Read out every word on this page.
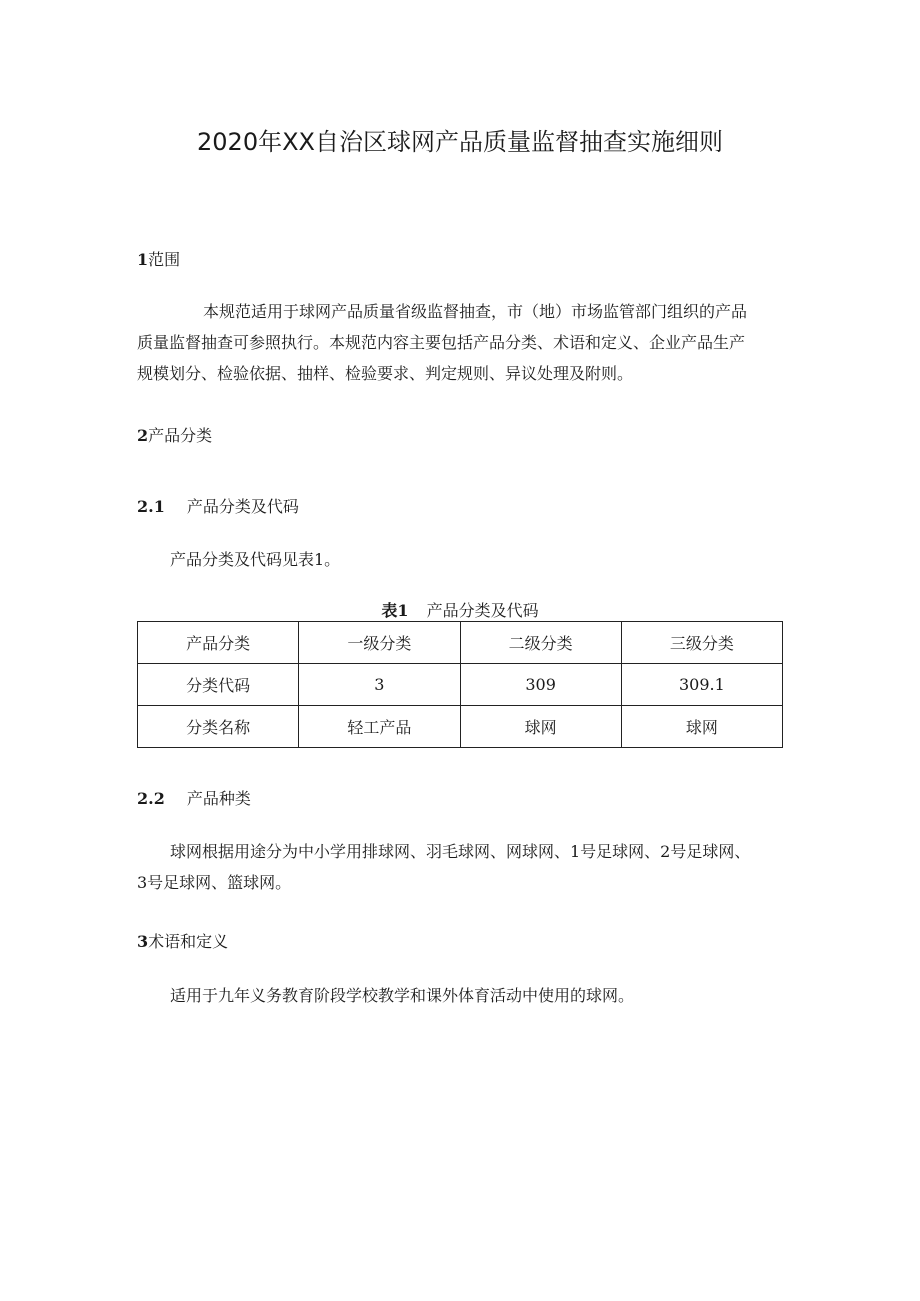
2020年XX自治区球网产品质量监督抽查实施细则
1范围
本规范适用于球网产品质量省级监督抽查，市（地）市场监管部门组织的产品
质量监督抽查可参照执行。本规范内容主要包括产品分类、术语和定义、企业产品生产
规模划分、检验依据、抽样、检验要求、判定规则、异议处理及附则。
2产品分类
2.1 产品分类及代码
产品分类及代码见表1。
表1 产品分类及代码
产品分类	一级分类	二级分类	三级分类
分类代码	3	309	309.1
分类名称	轻工产品	球网	球网
2.2 产品种类
球网根据用途分为中小学用排球网、羽毛球网、网球网、1号足球网、2号足球网、
3号足球网、篮球网。
3术语和定义
适用于九年义务教育阶段学校教学和课外体育活动中使用的球网。
